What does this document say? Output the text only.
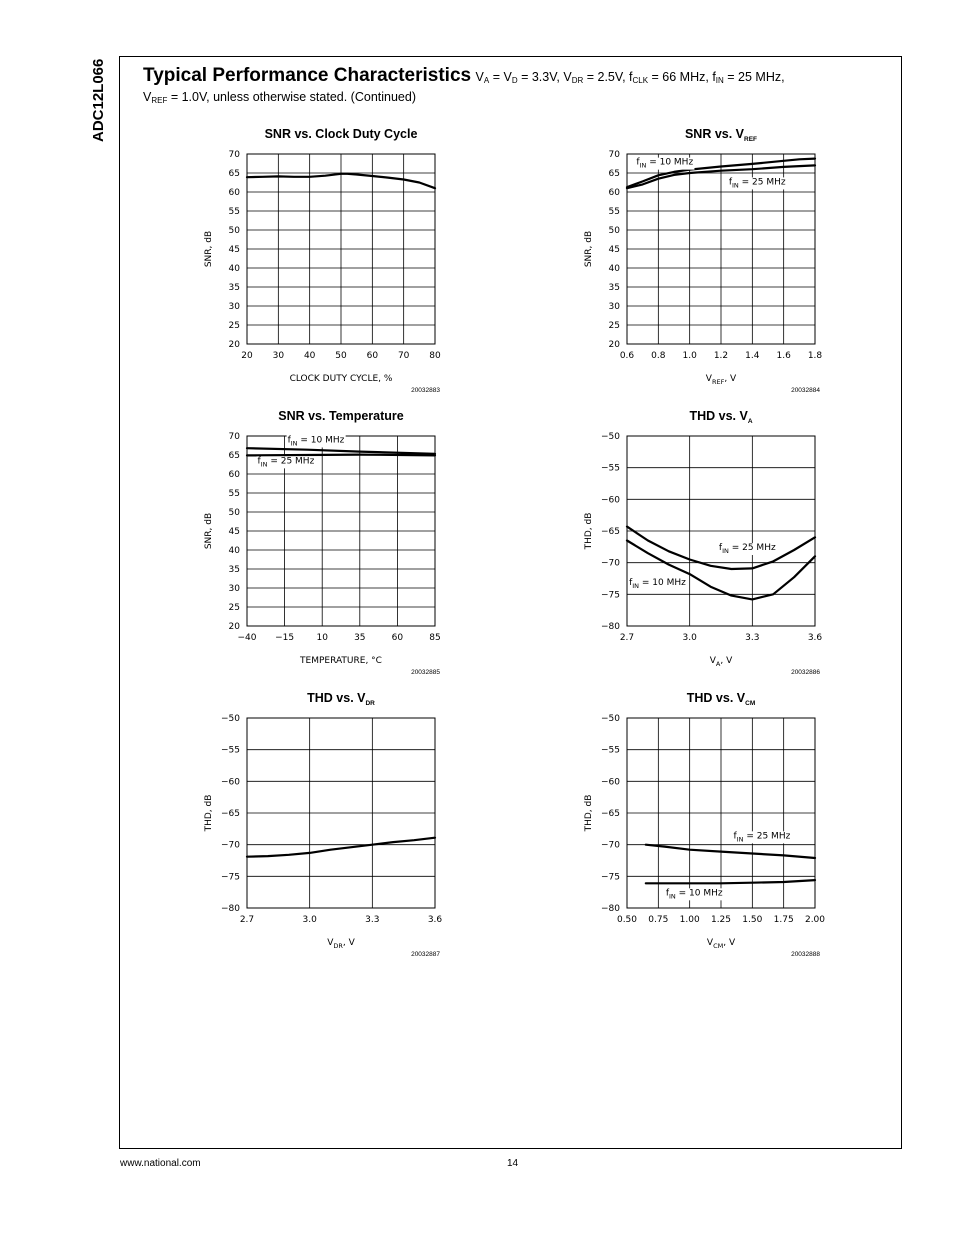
ADC12L066 Typical Performance Characteristics $V_A = V_D = 3.3V$, $V_{DR} = 2.5V$, $f_{CLK} = 66$ MHz, $f_{IN} = 25$ MHz,
$V_{REF} = 1.0V$, unless otherwise stated. (Continued)
SNR vs. Clock Duty Cycle
70
65
60
55
50
45
40
35
30
25
20
20 30 40 50 60 70 80
CLOCK DUTY CYCLE, %
SNR, dB
20032883
SNR vs. $V_{REF}$
70
65
60
55
50
45
40
35
30
25
20
0.6 0.8 1.0 1.2 1.4 1.6 1.8
$V_{REF}$, V
SNR, dB
$f_{IN} = 10$ MHz
$f_{IN} = 25$ MHz
20032884
SNR vs. Temperature
70
65
60
55
50
45
40
35
30
25
20
−40 −15 10	35	60	85
TEMPERATURE, °C
SNR, dB
$f_{IN} = 10$ MHz
$f_{IN} = 25$ MHz
20032885
THD vs. $V_A$
−50
−55
−60
−65
−70
−75
−80
2.7	3.0	3.3	3.6
$V_A$, V
THD, dB	$f_{IN} = 25$ MHz
$f_{IN} = 10$ MHz
20032886
THD vs. $V_{DR}$
−50
−55
−60
−65
−70
−75
−80
2.7	3.0	3.3	3.6
$V_{DR}$, V
THD, dB
20032887
THD vs. $V_{CM}$
−50
−55
−60
−65
−70
−75
−80
0.50 0.75 1.00 1.25 1.50 1.75 2.00
$V_{CM}$, V
THD, dB
$f_{IN} = 25$ MHz
$f_{IN} = 10$ MHz
20032888
www.national.com	14
